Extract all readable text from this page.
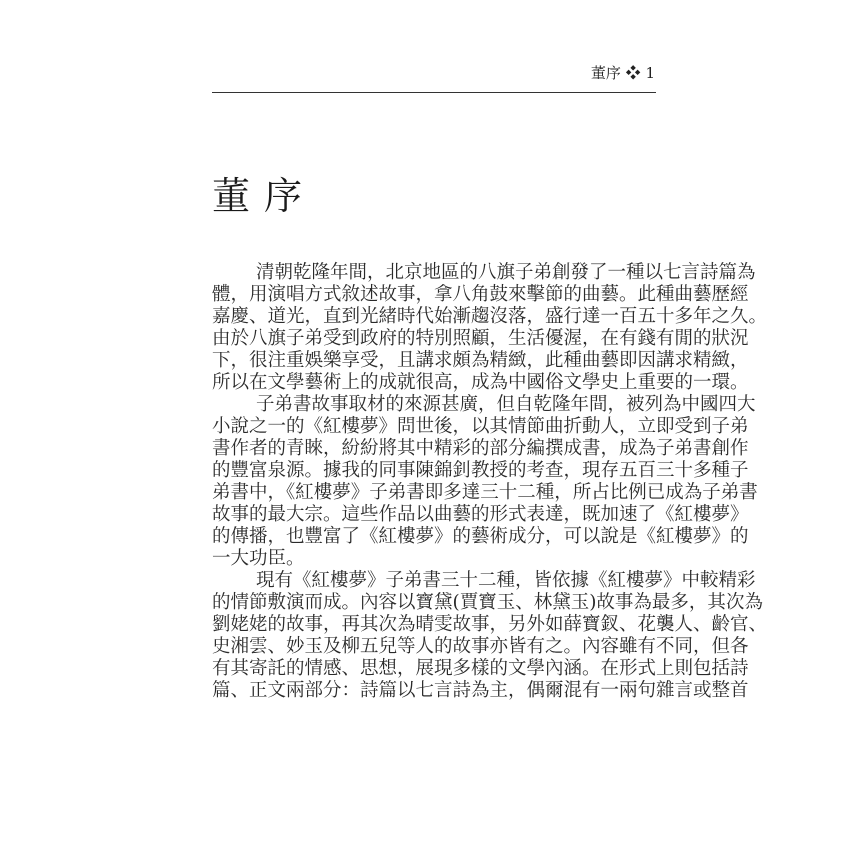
董序 ❖ 1
董序
清朝乾隆年間，北京地區的八旗子弟創發了一種以七言詩篇為
體，用演唱方式敘述故事，拿八角鼓來擊節的曲藝。此種曲藝歷經
嘉慶、道光，直到光緒時代始漸趨沒落，盛行達一百五十多年之久。
由於八旗子弟受到政府的特別照顧，生活優渥，在有錢有閒的狀況
下，很注重娛樂享受，且講求頗為精緻，此種曲藝即因講求精緻，
所以在文學藝術上的成就很高，成為中國俗文學史上重要的一環。
子弟書故事取材的來源甚廣，但自乾隆年間，被列為中國四大
小說之一的《紅樓夢》問世後，以其情節曲折動人，立即受到子弟
書作者的青睞，紛紛將其中精彩的部分編撰成書，成為子弟書創作
的豐富泉源。據我的同事陳錦釗教授的考查，現存五百三十多種子
弟書中，《紅樓夢》子弟書即多達三十二種，所占比例已成為子弟書
故事的最大宗。這些作品以曲藝的形式表達，既加速了《紅樓夢》
的傳播，也豐富了《紅樓夢》的藝術成分，可以說是《紅樓夢》的
一大功臣。
現有《紅樓夢》子弟書三十二種，皆依據《紅樓夢》中較精彩
的情節敷演而成。內容以寶黛(賈寶玉、林黛玉)故事為最多，其次為
劉姥姥的故事，再其次為晴雯故事，另外如薛寶釵、花襲人、齡官、
史湘雲、妙玉及柳五兒等人的故事亦皆有之。內容雖有不同，但各
有其寄託的情感、思想，展現多樣的文學內涵。在形式上則包括詩
篇、正文兩部分：詩篇以七言詩為主，偶爾混有一兩句雜言或整首
